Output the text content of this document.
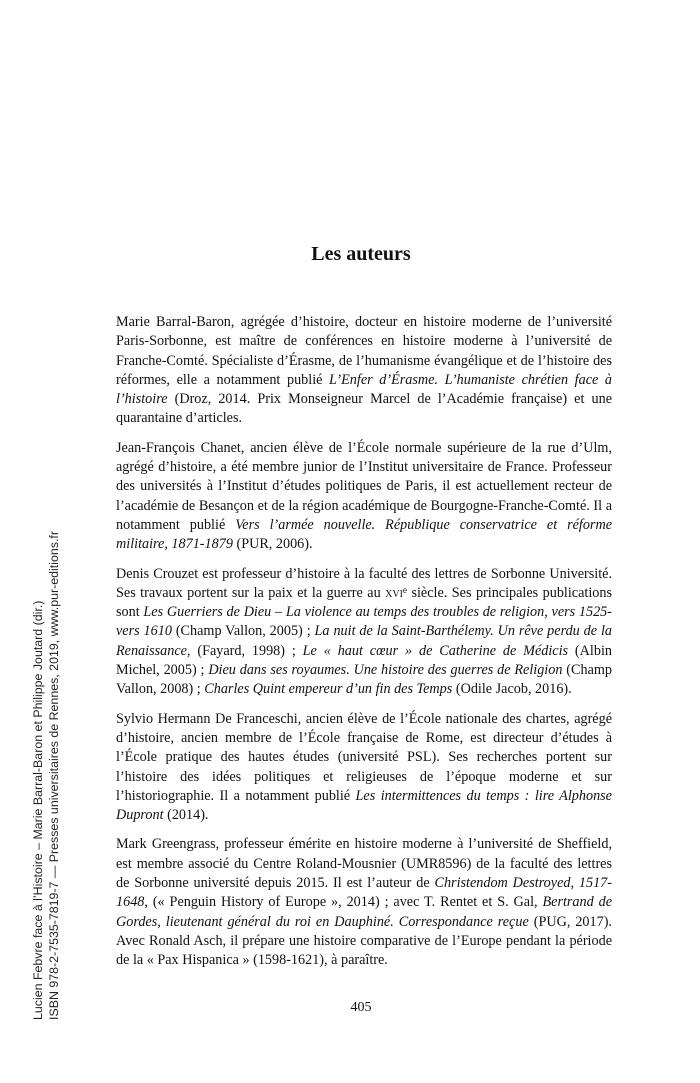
Les auteurs

Marie Barral-Baron, agrégée d’histoire, docteur en histoire moderne de l’université Paris-Sorbonne, est maître de conférences en histoire moderne à l’université de Franche-Comté. Spécialiste d’Érasme, de l’humanisme évangélique et de l’histoire des réformes, elle a notamment publié L’Enfer d’Érasme. L’humaniste chrétien face à l’histoire (Droz, 2014. Prix Monseigneur Marcel de l’Académie française) et une quarantaine d’articles.

Jean-François Chanet, ancien élève de l’École normale supérieure de la rue d’Ulm, agrégé d’histoire, a été membre junior de l’Institut universitaire de France. Professeur des universités à l’Institut d’études politiques de Paris, il est actuellement recteur de l’académie de Besançon et de la région académique de Bourgogne-Franche-Comté. Il a notamment publié Vers l’armée nouvelle. République conservatrice et réforme militaire, 1871-1879 (PUR, 2006).

Denis Crouzet est professeur d’histoire à la faculté des lettres de Sorbonne Université. Ses travaux portent sur la paix et la guerre au xvi$^e$ siècle. Ses principales publications sont Les Guerriers de Dieu – La violence au temps des troubles de religion, vers 1525-vers 1610 (Champ Vallon, 2005) ; La nuit de la Saint-Barthélemy. Un rêve perdu de la Renaissance, (Fayard, 1998) ; Le « haut cœur » de Catherine de Médicis (Albin Michel, 2005) ; Dieu dans ses royaumes. Une histoire des guerres de Religion (Champ Vallon, 2008) ; Charles Quint empereur d’un fin des Temps (Odile Jacob, 2016).

Sylvio Hermann De Franceschi, ancien élève de l’École nationale des chartes, agrégé d’histoire, ancien membre de l’École française de Rome, est directeur d’études à l’École pratique des hautes études (université PSL). Ses recherches portent sur l’histoire des idées politiques et religieuses de l’époque moderne et sur l’historiographie. Il a notamment publié Les intermittences du temps : lire Alphonse Dupront (2014).

Mark Greengrass, professeur émérite en histoire moderne à l’université de Sheffield, est membre associé du Centre Roland-Mousnier (UMR8596) de la faculté des lettres de Sorbonne université depuis 2015. Il est l’auteur de Christendom Destroyed, 1517-1648, (« Penguin History of Europe », 2014) ; avec T. Rentet et S. Gal, Bertrand de Gordes, lieutenant général du roi en Dauphiné. Correspondance reçue (PUG, 2017). Avec Ronald Asch, il prépare une histoire comparative de l’Europe pendant la période de la « Pax Hispanica » (1598-1621), à paraître.

405
Lucien Febvre face à l’Histoire – Marie Barral-Baron et Philippe Joutard (dir.) ISBN 978-2-7535-7819-7 — Presses universitaires de Rennes, 2019, www.pur-editions.fr
